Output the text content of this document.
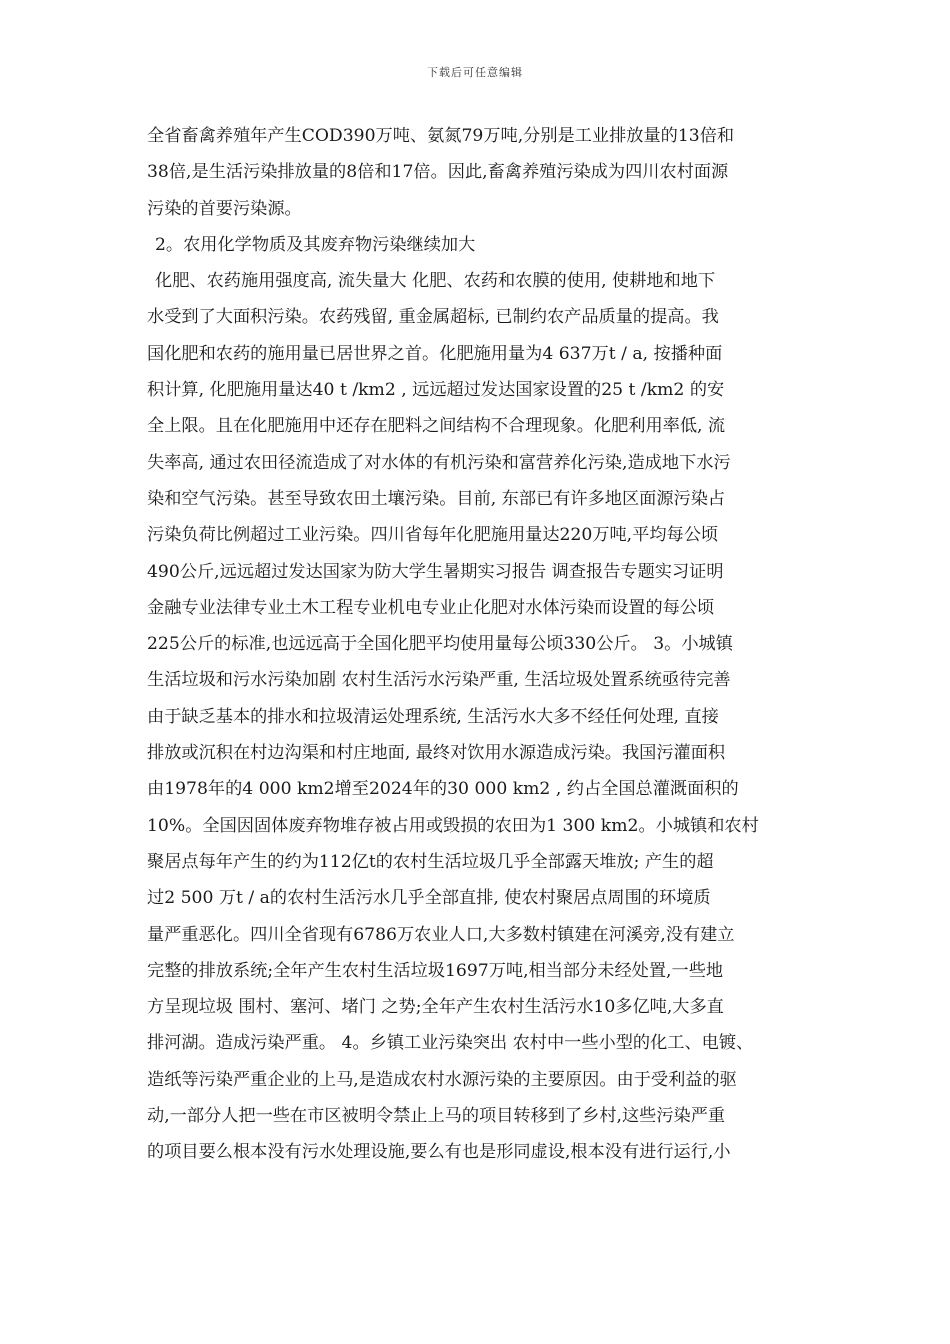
下载后可任意编辑
全省畜禽养殖年产生COD390万吨、氨氮79万吨,分别是工业排放量的13倍和
38倍,是生活污染排放量的8倍和17倍。因此,畜禽养殖污染成为四川农村面源
污染的首要污染源。
2。农用化学物质及其废弃物污染继续加大
化肥、农药施用强度高, 流失量大 化肥、农药和农膜的使用, 使耕地和地下
水受到了大面积污染。农药残留, 重金属超标, 已制约农产品质量的提高。我
国化肥和农药的施用量已居世界之首。化肥施用量为4 637万t / a, 按播种面
积计算, 化肥施用量达40 t /km2 , 远远超过发达国家设置的25 t /km2 的安
全上限。且在化肥施用中还存在肥料之间结构不合理现象。化肥利用率低, 流
失率高, 通过农田径流造成了对水体的有机污染和富营养化污染,造成地下水污
染和空气污染。甚至导致农田土壤污染。目前, 东部已有许多地区面源污染占
污染负荷比例超过工业污染。四川省每年化肥施用量达220万吨,平均每公顷
490公斤,远远超过发达国家为防大学生暑期实习报告 调查报告专题实习证明
金融专业法律专业土木工程专业机电专业止化肥对水体污染而设置的每公顷
225公斤的标准,也远远高于全国化肥平均使用量每公顷330公斤。 3。小城镇
生活垃圾和污水污染加剧 农村生活污水污染严重, 生活垃圾处置系统亟待完善
由于缺乏基本的排水和拉圾清运处理系统, 生活污水大多不经任何处理, 直接
排放或沉积在村边沟渠和村庄地面, 最终对饮用水源造成污染。我国污灌面积
由1978年的4 000 km2增至2024年的30 000 km2 , 约占全国总灌溉面积的
10%。全国因固体废弃物堆存被占用或毁损的农田为1 300 km2。小城镇和农村
聚居点每年产生的约为112亿t的农村生活垃圾几乎全部露天堆放; 产生的超
过2 500 万t / a的农村生活污水几乎全部直排, 使农村聚居点周围的环境质
量严重恶化。四川全省现有6786万农业人口,大多数村镇建在河溪旁,没有建立
完整的排放系统;全年产生农村生活垃圾1697万吨,相当部分未经处置,一些地
方呈现垃圾 围村、塞河、堵门 之势;全年产生农村生活污水10多亿吨,大多直
排河湖。造成污染严重。 4。乡镇工业污染突出 农村中一些小型的化工、电镀、
造纸等污染严重企业的上马,是造成农村水源污染的主要原因。由于受利益的驱
动,一部分人把一些在市区被明令禁止上马的项目转移到了乡村,这些污染严重
的项目要么根本没有污水处理设施,要么有也是形同虚设,根本没有进行运行,小
